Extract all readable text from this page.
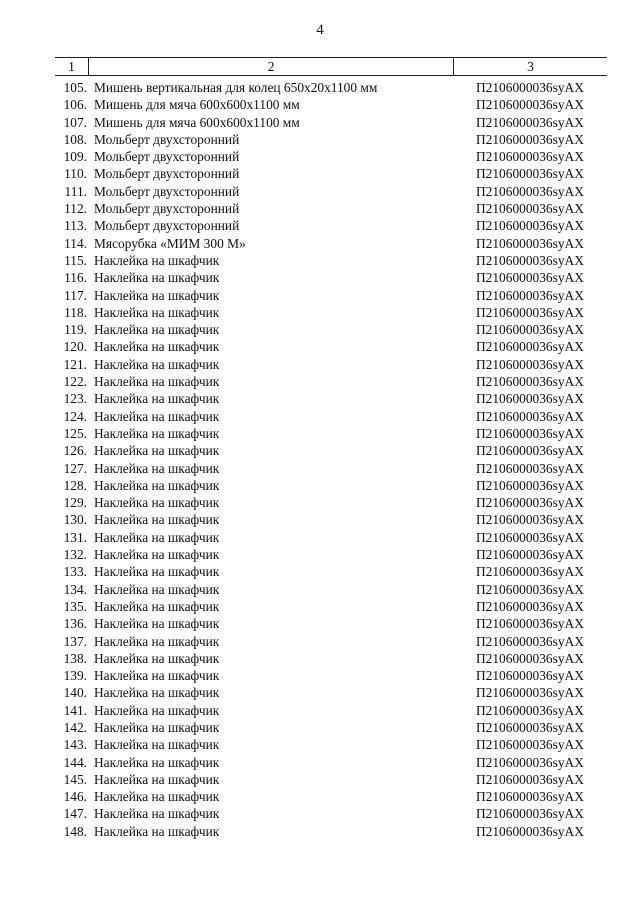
4
1	2	3
105. Мишень вертикальная для колец 650x20x1100 мм	П2106000036syAX
106. Мишень для мяча 600x600x1100 мм	П2106000036syAX
107. Мишень для мяча 600x600x1100 мм	П2106000036syAX
108. Мольберт двухсторонний	П2106000036syAX
109. Мольберт двухсторонний	П2106000036syAX
110. Мольберт двухсторонний	П2106000036syAX
111. Мольберт двухсторонний	П2106000036syAX
112. Мольберт двухсторонний	П2106000036syAX
113. Мольберт двухсторонний	П2106000036syAX
114. Мясорубка «МИМ 300 М»	П2106000036syAX
115. Наклейка на шкафчик	П2106000036syAX
116. Наклейка на шкафчик	П2106000036syAX
117. Наклейка на шкафчик	П2106000036syAX
118. Наклейка на шкафчик	П2106000036syAX
119. Наклейка на шкафчик	П2106000036syAX
120. Наклейка на шкафчик	П2106000036syAX
121. Наклейка на шкафчик	П2106000036syAX
122. Наклейка на шкафчик	П2106000036syAX
123. Наклейка на шкафчик	П2106000036syAX
124. Наклейка на шкафчик	П2106000036syAX
125. Наклейка на шкафчик	П2106000036syAX
126. Наклейка на шкафчик	П2106000036syAX
127. Наклейка на шкафчик	П2106000036syAX
128. Наклейка на шкафчик	П2106000036syAX
129. Наклейка на шкафчик	П2106000036syAX
130. Наклейка на шкафчик	П2106000036syAX
131. Наклейка на шкафчик	П2106000036syAX
132. Наклейка на шкафчик	П2106000036syAX
133. Наклейка на шкафчик	П2106000036syAX
134. Наклейка на шкафчик	П2106000036syAX
135. Наклейка на шкафчик	П2106000036syAX
136. Наклейка на шкафчик	П2106000036syAX
137. Наклейка на шкафчик	П2106000036syAX
138. Наклейка на шкафчик	П2106000036syAX
139. Наклейка на шкафчик	П2106000036syAX
140. Наклейка на шкафчик	П2106000036syAX
141. Наклейка на шкафчик	П2106000036syAX
142. Наклейка на шкафчик	П2106000036syAX
143. Наклейка на шкафчик	П2106000036syAX
144. Наклейка на шкафчик	П2106000036syAX
145. Наклейка на шкафчик	П2106000036syAX
146. Наклейка на шкафчик	П2106000036syAX
147. Наклейка на шкафчик	П2106000036syAX
148. Наклейка на шкафчик	П2106000036syAX
